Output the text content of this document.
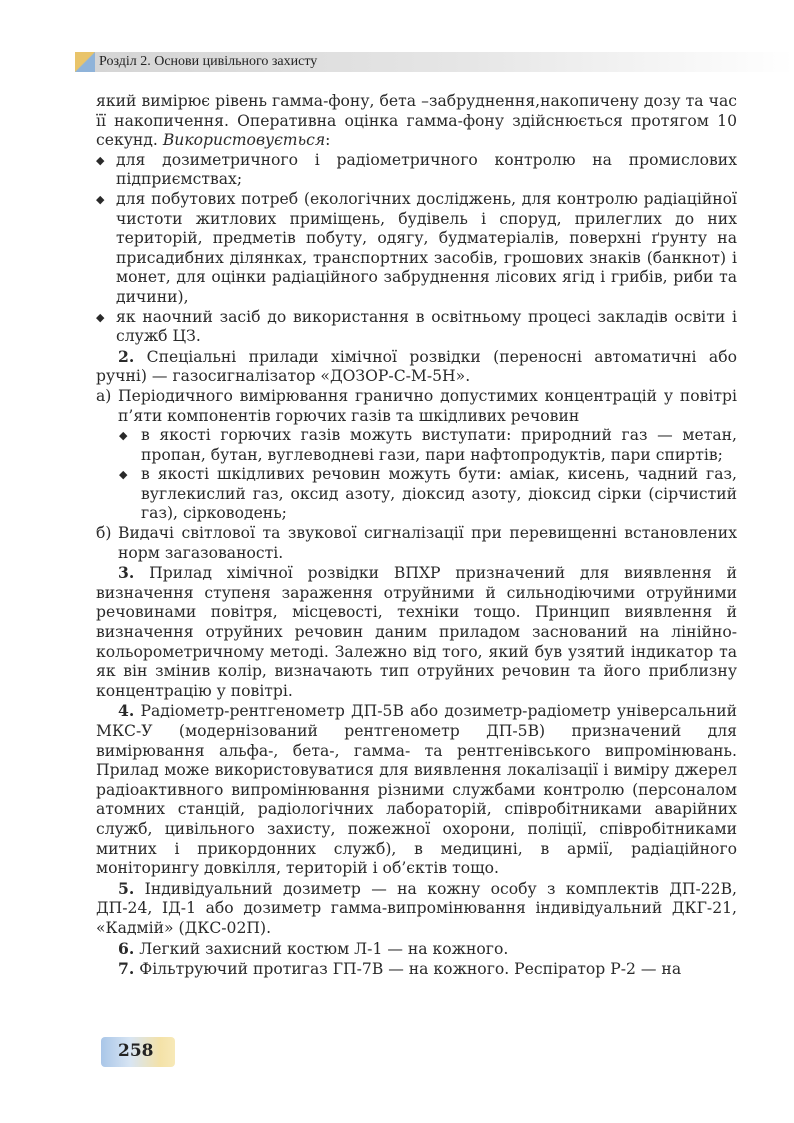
Розділ 2. Основи цивільного захисту

який вимірює рівень гамма-фону, бета –забруднення,накопичену дозу та час її накопичення. Оперативна оцінка гамма-фону здійснюється протягом 10 секунд. Використовується:

◆ для дозиметричного і радіометричного контролю на промислових підприємствах;
◆ для побутових потреб (екологічних досліджень, для контролю радіаційної чистоти житлових приміщень, будівель і споруд, прилеглих до них територій, предметів побуту, одягу, будматеріалів, поверхні ґрунту на присадибних ділянках, транспортних засобів, грошових знаків (банкнот) і монет, для оцінки радіаційного забруднення лісових ягід і грибів, риби та дичини),
◆ як наочний засіб до використання в освітньому процесі закладів освіти і служб ЦЗ.

2. Спеціальні прилади хімічної розвідки (переносні автоматичні або ручні) — газосигналізатор «ДОЗОР-С-М-5Н».

а) Періодичного вимірювання гранично допустимих концентрацій у повітрі п’яти компонентів горючих газів та шкідливих речовин
◆ в якості горючих газів можуть виступати: природний газ — метан, пропан, бутан, вуглеводневі гази, пари нафтопродуктів, пари спиртів;
◆ в якості шкідливих речовин можуть бути: аміак, кисень, чадний газ, вуглекислий газ, оксид азоту, діоксид азоту, діоксид сірки (сірчистий газ), сірководень;
б) Видачі світлової та звукової сигналізації при перевищенні встановлених норм загазованості.

3. Прилад хімічної розвідки ВПХР призначений для виявлення й визначення ступеня зараження отруйними й сильнодіючими отруйними речовинами повітря, місцевості, техніки тощо. Принцип виявлення й визначення отруйних речовин даним приладом заснований на лінійно-кольорометричному методі. Залежно від того, який був узятий індикатор та як він змінив колір, визначають тип отруйних речовин та його приблизну концентрацію у повітрі.

4. Радіометр-рентгенометр ДП-5В або дозиметр-радіометр універсальний МКС-У (модернізований рентгенометр ДП-5В) призначений для вимірювання альфа-, бета-, гамма- та рентгенівського випромінювань. Прилад може використовуватися для виявлення локалізації і виміру джерел радіоактивного випромінювання різними службами контролю (персоналом атомних станцій, радіологічних лабораторій, співробітниками аварійних служб, цивільного захисту, пожежної охорони, поліції, співробітниками митних і прикордонних служб), в медицині, в армії, радіаційного моніторингу довкілля, територій і об’єктів тощо.

5. Індивідуальний дозиметр — на кожну особу з комплектів ДП-22В, ДП-24, ІД-1 або дозиметр гамма-випромінювання індивідуальний ДКГ-21, «Кадмій» (ДКС-02П).

6. Легкий захисний костюм Л-1 — на кожного.

7. Фільтруючий протигаз ГП-7В — на кожного. Респіратор Р-2 — на

258
